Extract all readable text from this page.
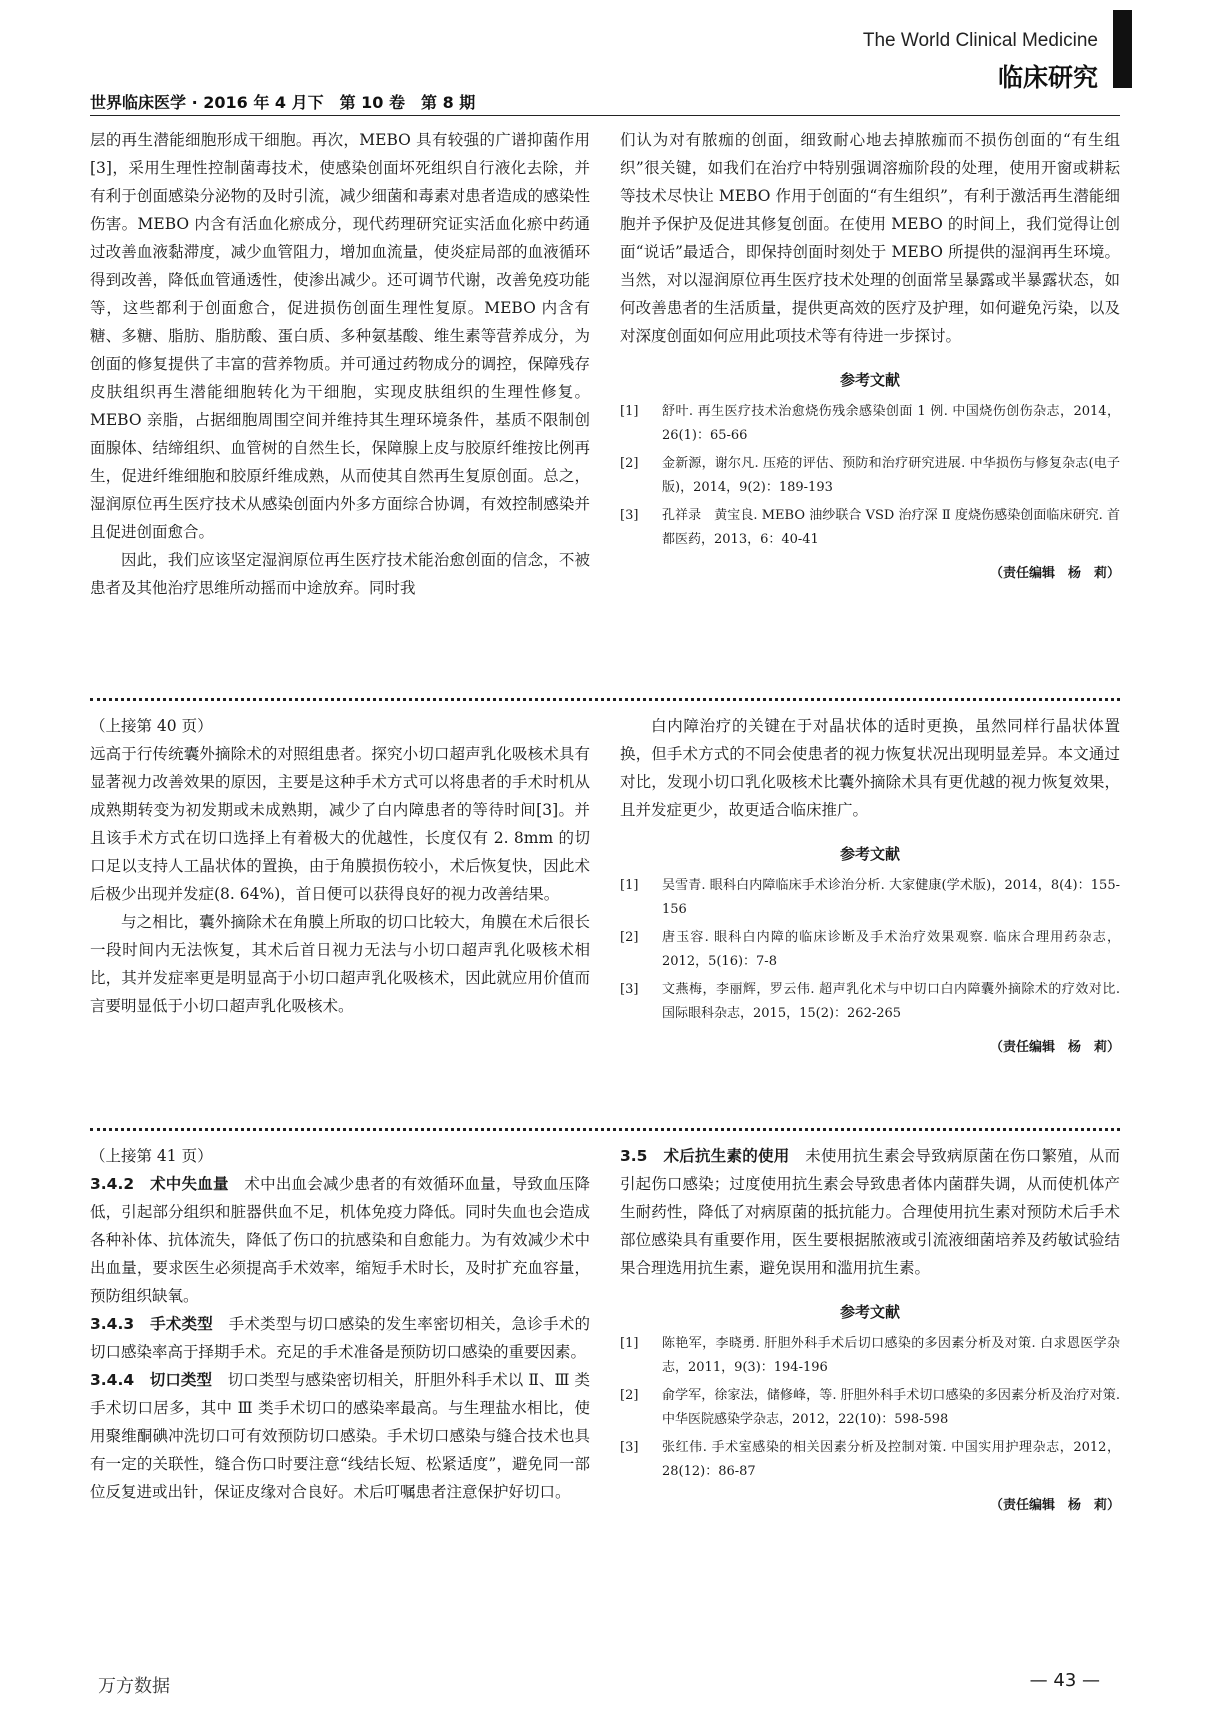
The World Clinical Medicine
临床研究
世界临床医学 · 2016 年 4 月下　第 10 卷　第 8 期

层的再生潜能细胞形成干细胞。再次，MEBO 具有较强的广谱抑菌作用[3]，采用生理性控制菌毒技术，使感染创面坏死组织自行液化去除，并有利于创面感染分泌物的及时引流，减少细菌和毒素对患者造成的感染性伤害。MEBO 内含有活血化瘀成分，现代药理研究证实活血化瘀中药通过改善血液黏滞度，减少血管阻力，增加血流量，使炎症局部的血液循环得到改善，降低血管通透性，使渗出减少。还可调节代谢，改善免疫功能等，这些都利于创面愈合，促进损伤创面生理性复原。MEBO 内含有糖、多糖、脂肪、脂肪酸、蛋白质、多种氨基酸、维生素等营养成分，为创面的修复提供了丰富的营养物质。并可通过药物成分的调控，保障残存皮肤组织再生潜能细胞转化为干细胞，实现皮肤组织的生理性修复。MEBO 亲脂，占据细胞周围空间并维持其生理环境条件，基质不限制创面腺体、结缔组织、血管树的自然生长，保障腺上皮与胶原纤维按比例再生，促进纤维细胞和胶原纤维成熟，从而使其自然再生复原创面。总之，湿润原位再生医疗技术从感染创面内外多方面综合协调，有效控制感染并且促进创面愈合。

因此，我们应该坚定湿润原位再生医疗技术能治愈创面的信念，不被患者及其他治疗思维所动摇而中途放弃。同时我

们认为对有脓痂的创面，细致耐心地去掉脓痂而不损伤创面的“有生组织”很关键，如我们在治疗中特别强调溶痂阶段的处理，使用开窗或耕耘等技术尽快让 MEBO 作用于创面的“有生组织”，有利于激活再生潜能细胞并予保护及促进其修复创面。在使用 MEBO 的时间上，我们觉得让创面“说话”最适合，即保持创面时刻处于 MEBO 所提供的湿润再生环境。当然，对以湿润原位再生医疗技术处理的创面常呈暴露或半暴露状态，如何改善患者的生活质量，提供更高效的医疗及护理，如何避免污染，以及对深度创面如何应用此项技术等有待进一步探讨。

参考文献
[1]	舒叶. 再生医疗技术治愈烧伤残余感染创面 1 例. 中国烧伤创伤杂志，2014，26(1)：65-66
[2]	金新源，谢尔凡. 压疮的评估、预防和治疗研究进展. 中华损伤与修复杂志(电子版)，2014，9(2)：189-193
[3]	孔祥录　黄宝良. MEBO 油纱联合 VSD 治疗深 Ⅱ 度烧伤感染创面临床研究. 首都医药，2013，6：40-41
（责任编辑　杨　莉）

（上接第 40 页）

远高于行传统囊外摘除术的对照组患者。探究小切口超声乳化吸核术具有显著视力改善效果的原因，主要是这种手术方式可以将患者的手术时机从成熟期转变为初发期或未成熟期，减少了白内障患者的等待时间[3]。并且该手术方式在切口选择上有着极大的优越性，长度仅有 2. 8mm 的切口足以支持人工晶状体的置换，由于角膜损伤较小，术后恢复快，因此术后极少出现并发症(8. 64%)，首日便可以获得良好的视力改善结果。

与之相比，囊外摘除术在角膜上所取的切口比较大，角膜在术后很长一段时间内无法恢复，其术后首日视力无法与小切口超声乳化吸核术相比，其并发症率更是明显高于小切口超声乳化吸核术，因此就应用价值而言要明显低于小切口超声乳化吸核术。

白内障治疗的关键在于对晶状体的适时更换，虽然同样行晶状体置换，但手术方式的不同会使患者的视力恢复状况出现明显差异。本文通过对比，发现小切口乳化吸核术比囊外摘除术具有更优越的视力恢复效果，且并发症更少，故更适合临床推广。

参考文献
[1]	吴雪青. 眼科白内障临床手术诊治分析. 大家健康(学术版)，2014，8(4)：155-156
[2]	唐玉容. 眼科白内障的临床诊断及手术治疗效果观察. 临床合理用药杂志，2012，5(16)：7-8
[3]	文燕梅，李丽辉，罗云伟. 超声乳化术与中切口白内障囊外摘除术的疗效对比. 国际眼科杂志，2015，15(2)：262-265
（责任编辑　杨　莉）

（上接第 41 页）

3.4.2　术中失血量　术中出血会减少患者的有效循环血量，导致血压降低，引起部分组织和脏器供血不足，机体免疫力降低。同时失血也会造成各种补体、抗体流失，降低了伤口的抗感染和自愈能力。为有效减少术中出血量，要求医生必须提高手术效率，缩短手术时长，及时扩充血容量，预防组织缺氧。

3.4.3　手术类型　手术类型与切口感染的发生率密切相关，急诊手术的切口感染率高于择期手术。充足的手术准备是预防切口感染的重要因素。

3.4.4　切口类型　切口类型与感染密切相关，肝胆外科手术以 Ⅱ、Ⅲ 类手术切口居多，其中 Ⅲ 类手术切口的感染率最高。与生理盐水相比，使用聚维酮碘冲洗切口可有效预防切口感染。手术切口感染与缝合技术也具有一定的关联性，缝合伤口时要注意“线结长短、松紧适度”，避免同一部位反复进或出针，保证皮缘对合良好。术后叮嘱患者注意保护好切口。

3.5　术后抗生素的使用　未使用抗生素会导致病原菌在伤口繁殖，从而引起伤口感染；过度使用抗生素会导致患者体内菌群失调，从而使机体产生耐药性，降低了对病原菌的抵抗能力。合理使用抗生素对预防术后手术部位感染具有重要作用，医生要根据脓液或引流液细菌培养及药敏试验结果合理选用抗生素，避免误用和滥用抗生素。

参考文献
[1]	陈艳军，李晓勇. 肝胆外科手术后切口感染的多因素分析及对策. 白求恩医学杂志，2011，9(3)：194-196
[2]	俞学军，徐家法，储修峰，等. 肝胆外科手术切口感染的多因素分析及治疗对策. 中华医院感染学杂志，2012，22(10)：598-598
[3]	张红伟. 手术室感染的相关因素分析及控制对策. 中国实用护理杂志，2012，28(12)：86-87
（责任编辑　杨　莉）
— 43 —
万方数据
